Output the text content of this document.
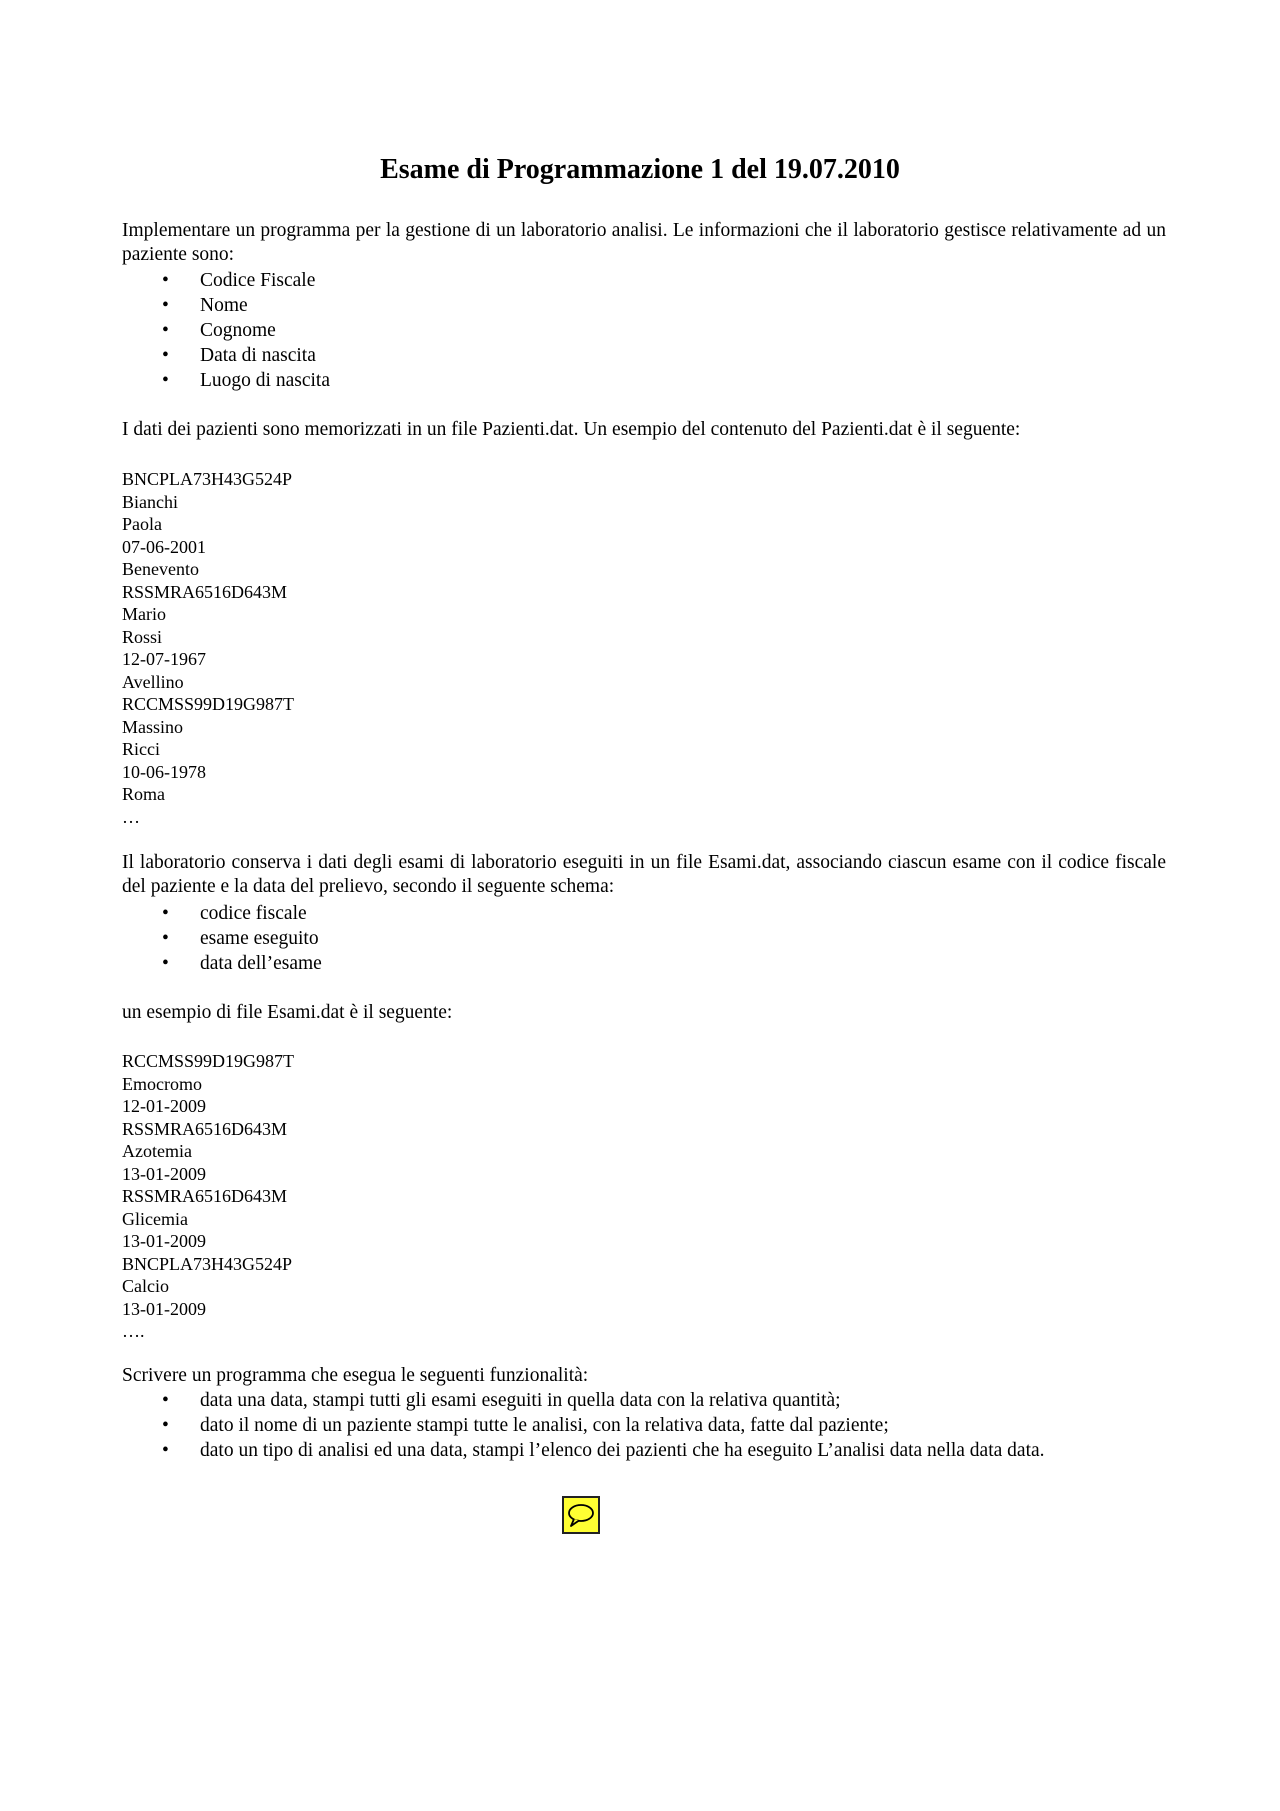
Esame di Programmazione 1 del 19.07.2010
Implementare un programma per la gestione di un laboratorio analisi. Le informazioni che il laboratorio gestisce relativamente ad un paziente sono:
• Codice Fiscale
• Nome
• Cognome
• Data di nascita
• Luogo di nascita
I dati dei pazienti sono memorizzati in un file Pazienti.dat. Un esempio del contenuto del Pazienti.dat è il seguente:
BNCPLA73H43G524P
Bianchi
Paola
07-06-2001
Benevento
RSSMRA6516D643M
Mario
Rossi
12-07-1967
Avellino
RCCMSS99D19G987T
Massino
Ricci
10-06-1978
Roma
…
Il laboratorio conserva i dati degli esami di laboratorio eseguiti in un file Esami.dat, associando ciascun esame con il codice fiscale del paziente e la data del prelievo, secondo il seguente schema:
• codice fiscale
• esame eseguito
• data dell’esame
un esempio di file Esami.dat è il seguente:
RCCMSS99D19G987T
Emocromo
12-01-2009
RSSMRA6516D643M
Azotemia
13-01-2009
RSSMRA6516D643M
Glicemia
13-01-2009
BNCPLA73H43G524P
Calcio
13-01-2009
….
Scrivere un programma che esegua le seguenti funzionalità:
• data una data, stampi tutti gli esami eseguiti in quella data con la relativa quantità;
• dato il nome di un paziente stampi tutte le analisi, con la relativa data, fatte dal paziente;
• dato un tipo di analisi ed una data, stampi l’elenco dei pazienti che ha eseguito L’analisi data nella data data.
